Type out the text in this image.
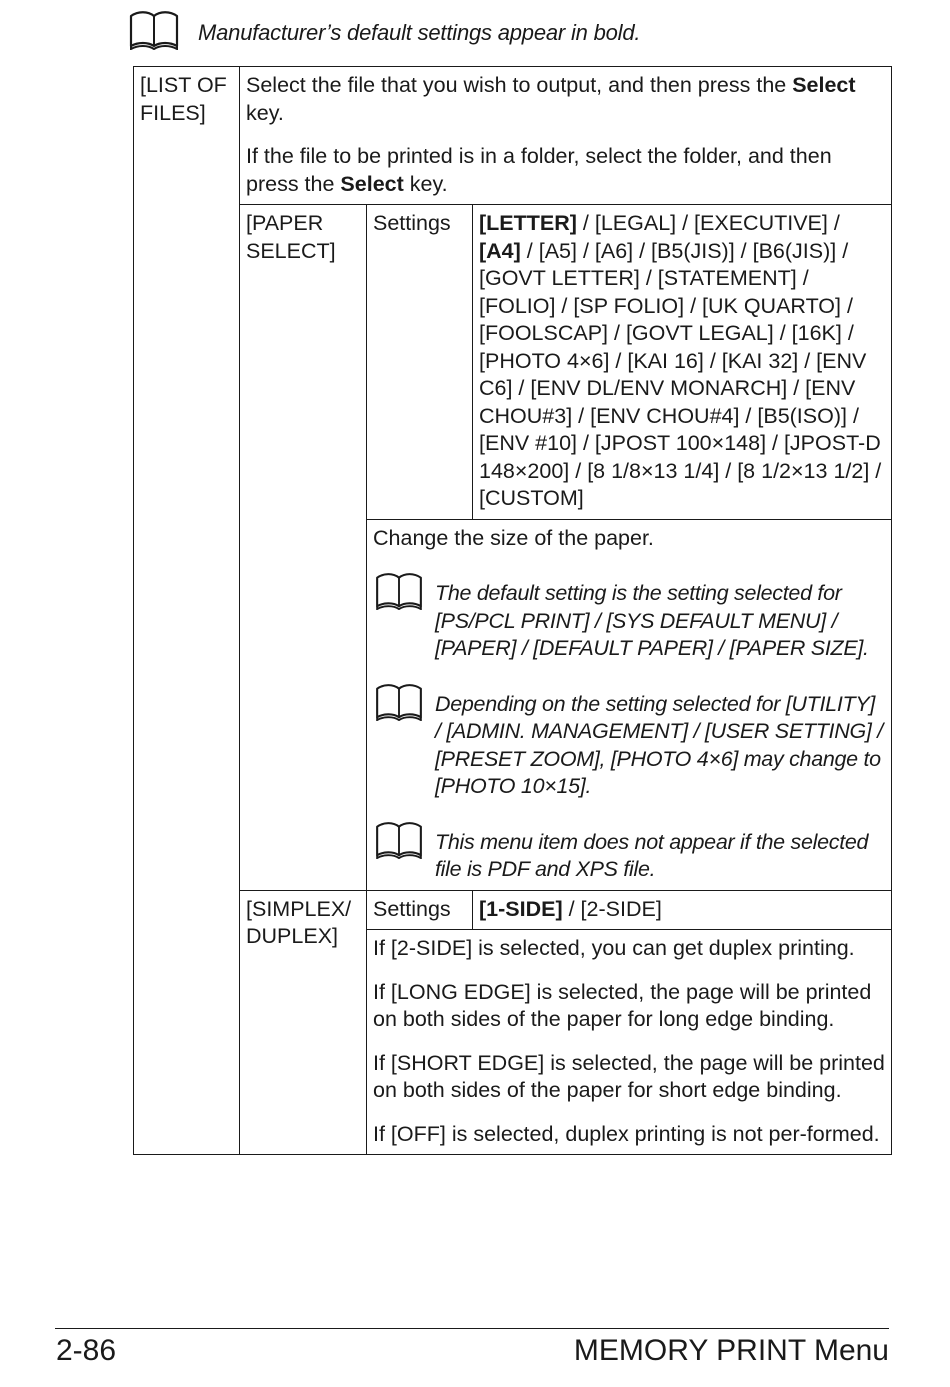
Manufacturer’s default settings appear in bold.
[LIST OF FILES]	Select the file that you wish to output, and then press the Select key.

If the file to be printed is in a folder, select the folder, and then press the Select key.		

	[PAPER SELECT]	Settings	[LETTER] / [LEGAL] / [EXECUTIVE] / [A4] / [A5] / [A6] / [B5(JIS)] / [B6(JIS)] / [GOVT LETTER] / [STATEMENT] / [FOLIO] / [SP FOLIO] / [UK QUARTO] / [FOOLSCAP] / [GOVT LEGAL] / [16K] / [PHOTO 4×6] / [KAI 16] / [KAI 32] / [ENV C6] / [ENV DL/ENV MONARCH] / [ENV CHOU#3] / [ENV CHOU#4] / [B5(ISO)] / [ENV #10] / [JPOST 100×148] / [JPOST-D 148×200] / [8 1/8×13 1/4] / [8 1/2×13 1/2] / [CUSTOM]

		Change the size of the paper.
The default setting is the setting selected for [PS/PCL PRINT] / [SYS DEFAULT MENU] / [PAPER] / [DEFAULT PAPER] / [PAPER SIZE].
Depending on the setting selected for [UTILITY] / [ADMIN. MANAGEMENT] / [USER SETTING] / [PRESET ZOOM], [PHOTO 4×6] may change to [PHOTO 10×15].
This menu item does not appear if the selected file is PDF and XPS file.	

	[SIMPLEX/ DUPLEX]	Settings	[1-SIDE] / [2-SIDE]

		If [2-SIDE] is selected, you can get duplex printing.

If [LONG EDGE] is selected, the page will be printed on both sides of the paper for long edge binding.

If [SHORT EDGE] is selected, the page will be printed on both sides of the paper for short edge binding.

If [OFF] is selected, duplex printing is not per-formed.	

2-86	MEMORY PRINT Menu
